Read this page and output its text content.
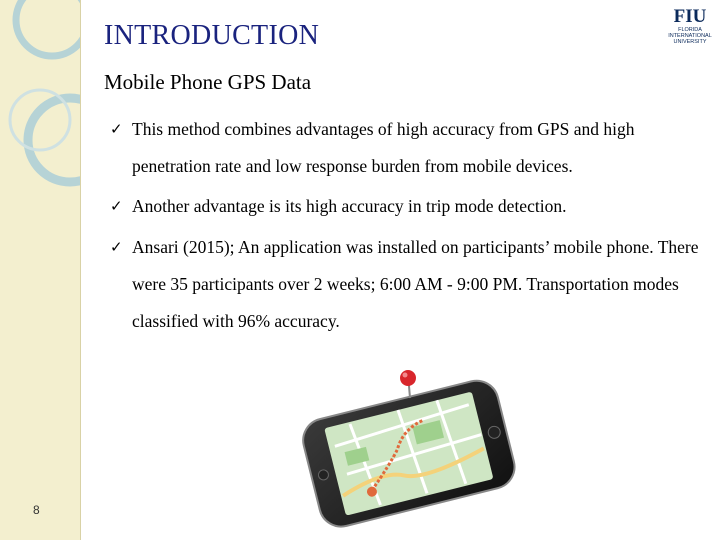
FIU
FLORIDA
INTERNATIONAL
UNIVERSITY
INTRODUCTION
Mobile Phone GPS Data
✓ This method combines advantages of high accuracy from GPS and high penetration rate and low response burden from mobile devices.
✓ Another advantage is its high accuracy in trip mode detection.
✓ Ansari (2015); An application was installed on participants’ mobile phone. There were 35 participants over 2 weeks; 6:00 AM - 9:00 PM. Transportation modes classified with 96% accuracy.
8
